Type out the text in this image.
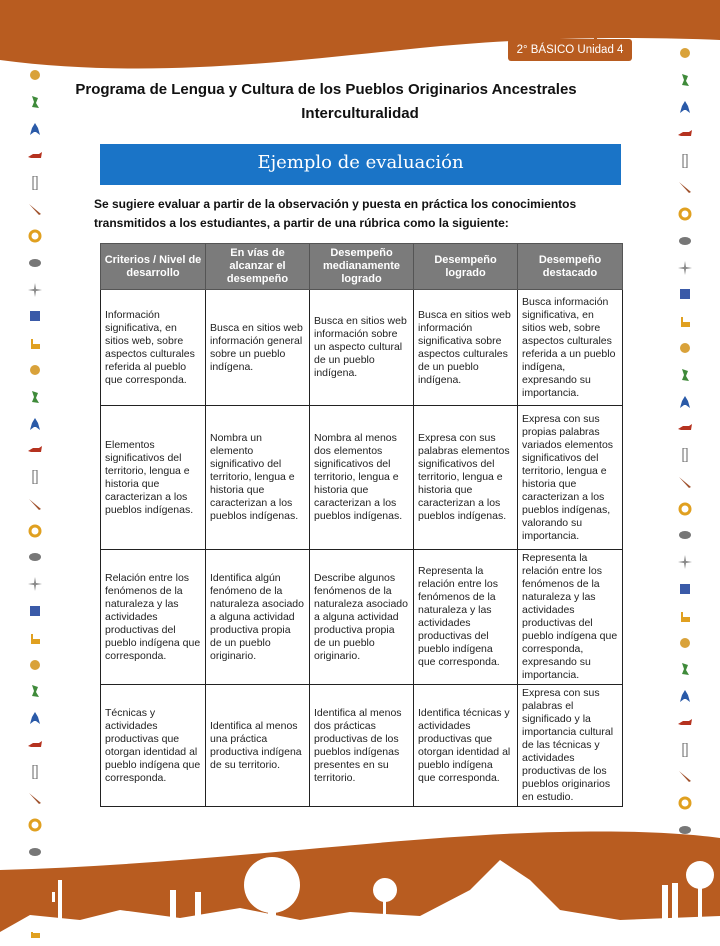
2° BÁSICO Unidad 4
Programa de Lengua y Cultura de los Pueblos Originarios Ancestrales
Interculturalidad
Ejemplo de evaluación
Se sugiere evaluar a partir de la observación y puesta en práctica los conocimientos transmitidos a los estudiantes, a partir de una rúbrica como la siguiente:
Criterios / Nivel de desarrollo	En vías de alcanzar el desempeño	Desempeño medianamente logrado	Desempeño logrado	Desempeño destacado
Información significativa, en sitios web, sobre aspectos culturales referida al pueblo que corresponda.	Busca en sitios web información general sobre un pueblo indígena.	Busca en sitios web información sobre un aspecto cultural de un pueblo indígena.	Busca en sitios web información significativa sobre aspectos culturales de un pueblo indígena.	Busca información significativa, en sitios web, sobre aspectos culturales referida a un pueblo indígena, expresando su importancia.
Elementos significativos del territorio, lengua e historia que caracterizan a los pueblos indígenas.	Nombra un elemento significativo del territorio, lengua e historia que caracterizan a los pueblos indígenas.	Nombra al menos dos elementos significativos del territorio, lengua e historia que caracterizan a los pueblos indígenas.	Expresa con sus palabras elementos significativos del territorio, lengua e historia que caracterizan a los pueblos indígenas.	Expresa con sus propias palabras variados elementos significativos del territorio, lengua e historia que caracterizan a los pueblos indígenas, valorando su importancia.
Relación entre los fenómenos de la naturaleza y las actividades productivas del pueblo indígena que corresponda.	Identifica algún fenómeno de la naturaleza asociado a alguna actividad productiva propia de un pueblo originario.	Describe algunos fenómenos de la naturaleza asociado a alguna actividad productiva propia de un pueblo originario.	Representa la relación entre los fenómenos de la naturaleza y las actividades productivas del pueblo indígena que corresponda.	Representa la relación entre los fenómenos de la naturaleza y las actividades productivas del pueblo indígena que corresponda, expresando su importancia.
Técnicas y actividades productivas que otorgan identidad al pueblo indígena que corresponda.	Identifica al menos una práctica productiva indígena de su territorio.	Identifica al menos dos prácticas productivas de los pueblos indígenas presentes en su territorio.	Identifica técnicas y actividades productivas que otorgan identidad al pueblo indígena que corresponda.	Expresa con sus palabras el significado y la importancia cultural de las técnicas y actividades productivas de los pueblos originarios en estudio.
